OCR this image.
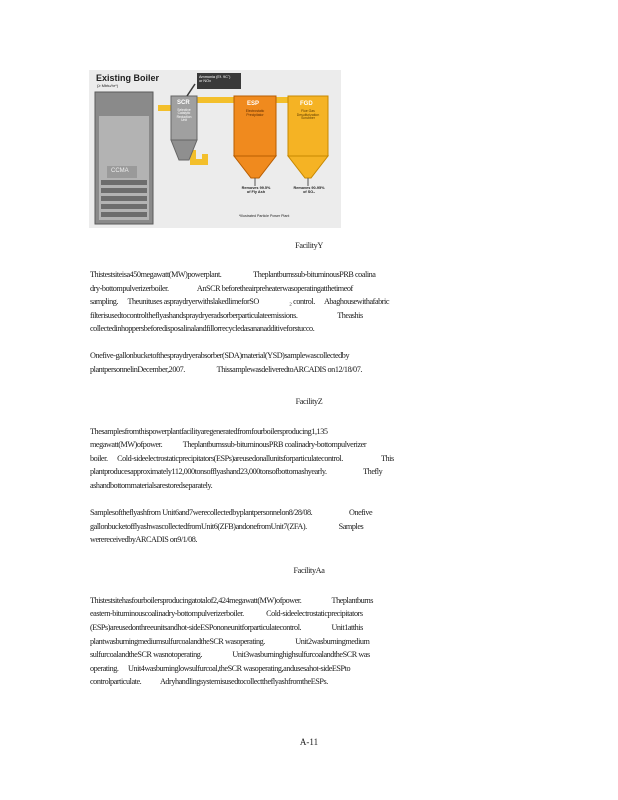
Existing Boiler
(≥ Mbtu/hr*)
CCMA
Ammonia (Ef. 9Cˆ)
or NOx
SCR
Selective
Catalytic
Reduction
Unit
ESP
Electrostatic
Precipitator
FGD
Flue Gas
Desulfurization
Scrubber
Removes 99.5%
of Fly Ash
Removes 90-95%
of SO₂
*Illustrated Particle Power Plant
FacilityY
Thistestsiteisa450megawatt(MW)powerplant.                    Theplantburnssub-bituminousPRB coalina
dry-bottompulverizerboiler.                  AnSCR beforetheairpreheaterwasoperatingatthetimeof
sampling.      Theunituses aspraydryerwithslakedlimeforSO                   ₂ control.      Abaghousewithafabric
filterisusedtocontroltheflyashandspraydryeradsorberparticulateemissions.                         Theashis
collectedinhoppersbeforedisposalinalandfillorrecycledasananadditiveforstucco.
Onefive-gallonbucketofthespraydryerabsorber(SDA)material(YSD)samplewascollectedby
plantpersonnelinDecember,2007.                    ThissamplewasdeliveredtoARCADIS on12/18/07.
FacilityZ
Thesamplesfromthispowerplantfacilityaregeneratedfromfourboilersproducing1,135
megawatt(MW)ofpower.             Theplantburnssub-bituminousPRB coalinadry-bottompulverizer
boiler.      Cold-sideelectrostaticprecipitators(ESPs)areusedonallunitsforparticulatecontrol.                        This
plantproducesapproximately112,000tonsofflyashand23,000tonsofbottomashyearly.                       Thefly
ashandbottommaterialsarestoredseparately.
Samplesoftheflyashfrom Unit6and7werecollectedbyplantpersonnelon8/28/08.                       Onefive
gallonbucketofflyashwascollectedfromUnit6(ZFB)andonefromUnit7(ZFA).                    Samples
werereceivedbyARCADIS on9/1/08.
FacilityAa
Thistestsitehasfourboilersproducingatotalof2,424megawatt(MW)ofpower.                   Theplantburns
eastern-bituminouscoalinadry-bottompulverizerboiler.              Cold-sideelectrostaticprecipitators
(ESPs)areusedonthreeunitsandhot-sideESPononeunitforparticulatecontrol.                   Unit1atthis
plantwasburningmediumsulfurcoalandtheSCR wasoperating.                   Unit2wasburningmedium
sulfurcoalandtheSCR wasnotoperating.                   Unit3wasburninghighsulfurcoalandtheSCR was
operating.      Unit4wasburninglowsulfurcoal,theSCR wasoperating,andusesahot-sideESPto
controlparticulate.            AdryhandlingsystemisusedtocollecttheflyashfromtheESPs.
A-11
